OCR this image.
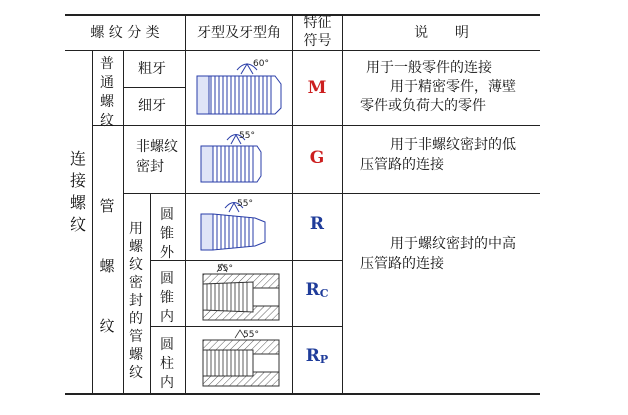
螺 纹 分 类	牙型及牙型角
特征
符号	说      明
连
接
螺
纹
普
通
螺
纹
粗牙
细牙
60°
M
用于一般零件的连接
用于精密零件，薄壁
零件或负荷大的零件
管
螺
纹
非螺纹
密封
55°
G
用于非螺纹密封的低
压管路的连接
用
螺
纹
密
封
的
管
螺
纹
圆
锥
外
55°
R
圆
锥
内
55°
$R_C$
圆
柱
内
55°
$R_P$
用于螺纹密封的中高
压管路的连接
